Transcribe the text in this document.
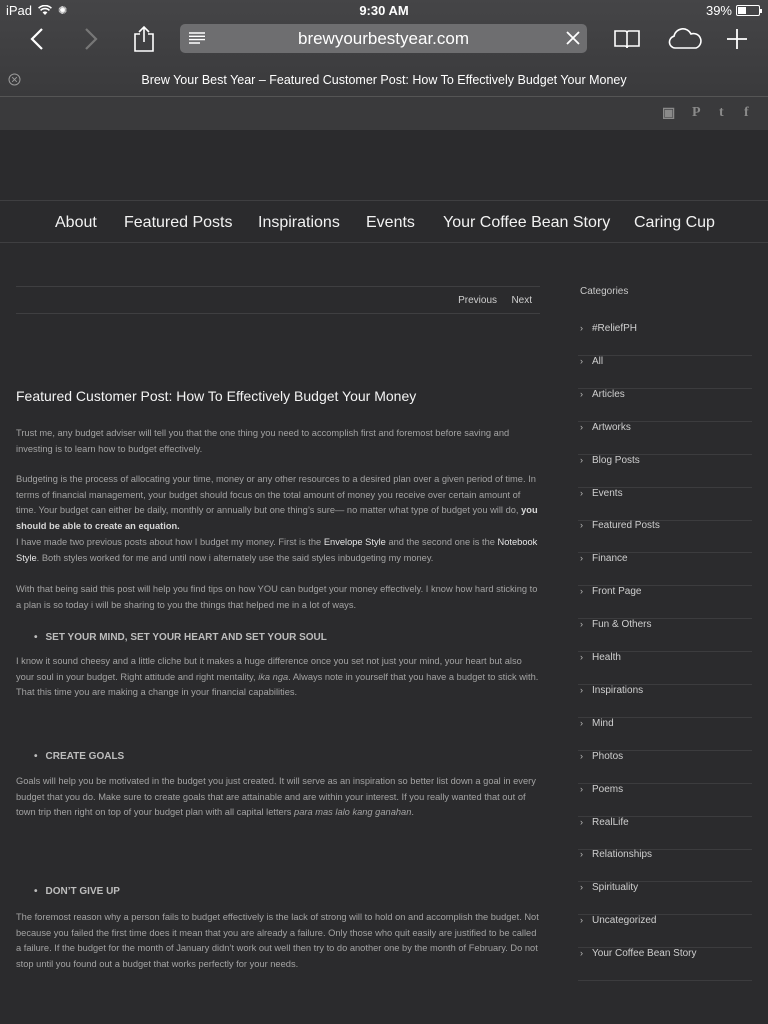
iPad ✺	9:30 AM	39%
brewyourbestyear.com
Brew Your Best Year – Featured Customer Post: How To Effectively Budget Your Money
▣ P t f
About Featured Posts Inspirations Events Your Coffee Bean Story Caring Cup
Previous Next
Featured Customer Post: How To Effectively Budget Your Money
Trust me, any budget adviser will tell you that the one thing you need to accomplish first and foremost before saving and investing is to learn how to budget effectively.
Budgeting is the process of allocating your time, money or any other resources to a desired plan over a given period of time. In terms of financial management, your budget should focus on the total amount of money you receive over certain amount of time. Your budget can either be daily, monthly or annually but one thing’s sure— no matter what type of budget you will do, you should be able to create an equation.
I have made two previous posts about how I budget my money. First is the Envelope Style and the second one is the Notebook Style. Both styles worked for me and until now i alternately use the said styles inbudgeting my money.
With that being said this post will help you find tips on how YOU can budget your money effectively. I know how hard sticking to a plan is so today i will be sharing to you the things that helped me in a lot of ways.
• SET YOUR MIND, SET YOUR HEART AND SET YOUR SOUL
I know it sound cheesy and a little cliche but it makes a huge difference once you set not just your mind, your heart but also your soul in your budget. Right attitude and right mentality, ika nga. Always note in yourself that you have a budget to stick with. That this time you are making a change in your financial capabilities.
• CREATE GOALS
Goals will help you be motivated in the budget you just created. It will serve as an inspiration so better list down a goal in every budget that you do. Make sure to create goals that are attainable and are within your interest. If you really wanted that out of town trip then right on top of your budget plan with all capital letters para mas lalo kang ganahan.
• DON’T GIVE UP
The foremost reason why a person fails to budget effectively is the lack of strong will to hold on and accomplish the budget. Not because you failed the first time does it mean that you are already a failure. Only those who quit easily are justified to be called a failure. If the budget for the month of January didn’t work out well then try to do another one by the month of February. Do not stop until you found out a budget that works perfectly for your needs.
Categories
› #ReliefPH
› All
› Articles
› Artworks
› Blog Posts
› Events
› Featured Posts
› Finance
› Front Page
› Fun & Others
› Health
› Inspirations
› Mind
› Photos
› Poems
› RealLife
› Relationships
› Spirituality
› Uncategorized
› Your Coffee Bean Story
